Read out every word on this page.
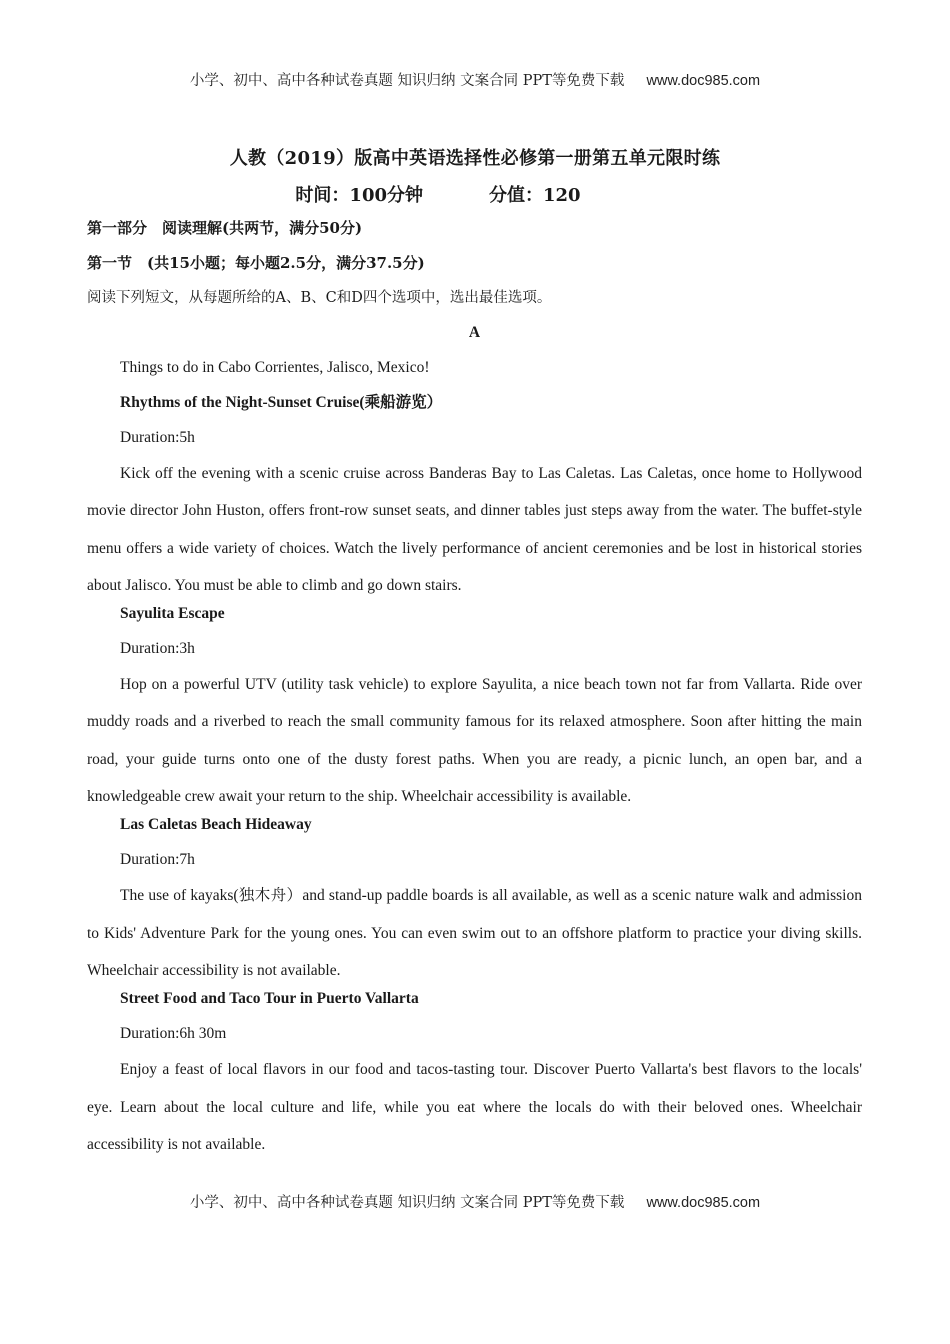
小学、初中、高中各种试卷真题 知识归纳 文案合同 PPT等免费下载 www.doc985.com
人教（2019）版高中英语选择性必修第一册第五单元限时练
时间：100分钟	分值：120
第一部分　阅读理解(共两节，满分50分)
第一节　(共15小题；每小题2.5分，满分37.5分)
阅读下列短文，从每题所给的A、B、C和D四个选项中，选出最佳选项。
A
Things to do in Cabo Corrientes, Jalisco, Mexico!
Rhythms of the Night-Sunset Cruise(乘船游览）
Duration:5h
Kick off the evening with a scenic cruise across Banderas Bay to Las Caletas. Las Caletas, once home to Hollywood movie director John Huston, offers front-row sunset seats, and dinner tables just steps away from the water. The buffet-style menu offers a wide variety of choices. Watch the lively performance of ancient ceremonies and be lost in historical stories about Jalisco. You must be able to climb and go down stairs.
Sayulita Escape
Duration:3h
Hop on a powerful UTV (utility task vehicle) to explore Sayulita, a nice beach town not far from Vallarta. Ride over muddy roads and a riverbed to reach the small community famous for its relaxed atmosphere. Soon after hitting the main road, your guide turns onto one of the dusty forest paths. When you are ready, a picnic lunch, an open bar, and a knowledgeable crew await your return to the ship. Wheelchair accessibility is available.
Las Caletas Beach Hideaway
Duration:7h
The use of kayaks(独木舟）and stand-up paddle boards is all available, as well as a scenic nature walk and admission to Kids' Adventure Park for the young ones. You can even swim out to an offshore platform to practice your diving skills. Wheelchair accessibility is not available.
Street Food and Taco Tour in Puerto Vallarta
Duration:6h 30m
Enjoy a feast of local flavors in our food and tacos-tasting tour. Discover Puerto Vallarta's best flavors to the locals' eye. Learn about the local culture and life, while you eat where the locals do with their beloved ones. Wheelchair accessibility is not available.
小学、初中、高中各种试卷真题 知识归纳 文案合同 PPT等免费下载 www.doc985.com
